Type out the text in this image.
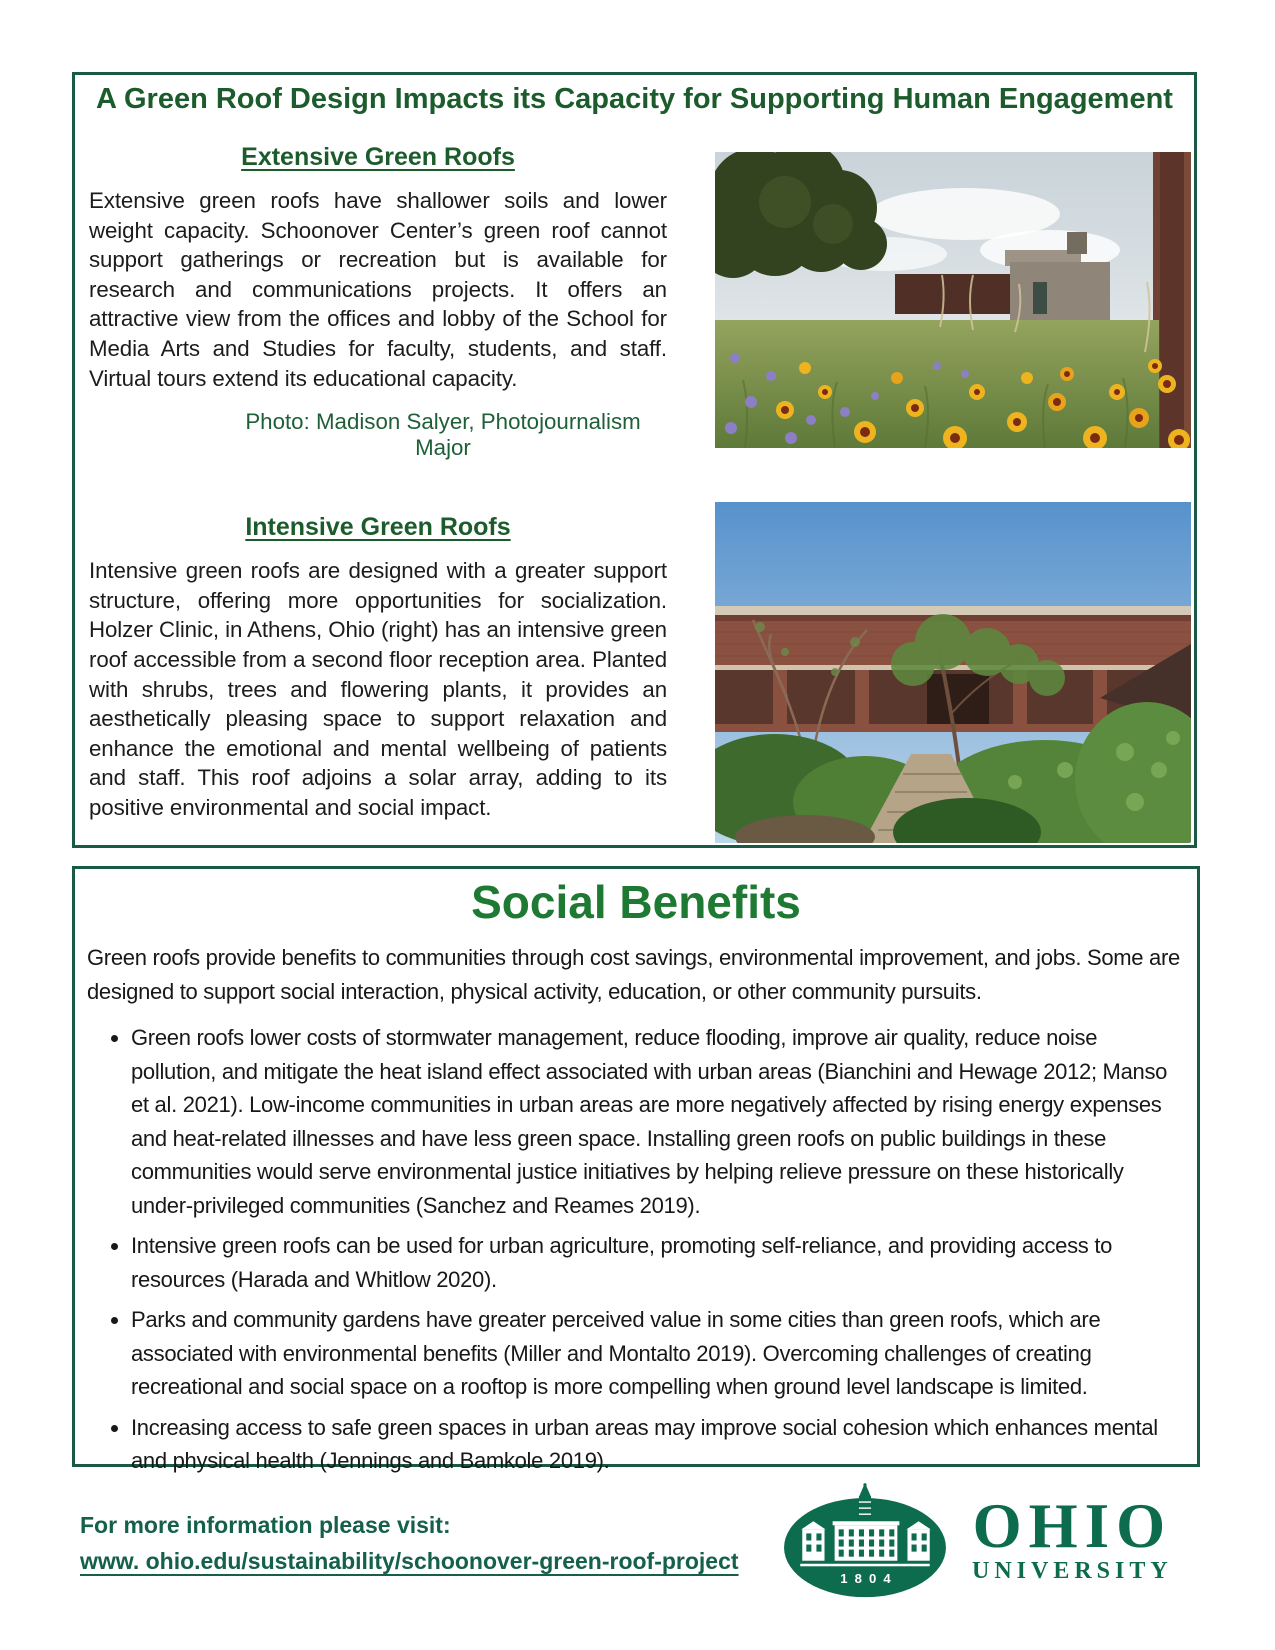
A Green Roof Design Impacts its Capacity for Supporting Human Engagement
Extensive Green Roofs

Extensive green roofs have shallower soils and lower weight capacity. Schoonover Center’s green roof cannot support gatherings or recreation but is available for research and communications projects. It offers an attractive view from the offices and lobby of the School for Media Arts and Studies for faculty, students, and staff. Virtual tours extend its educational capacity.

Photo: Madison Salyer, Photojournalism Major

Intensive Green Roofs

Intensive green roofs are designed with a greater support structure, offering more opportunities for socialization. Holzer Clinic, in Athens, Ohio (right) has an intensive green roof accessible from a second floor reception area. Planted with shrubs, trees and flowering plants, it provides an aesthetically pleasing space to support relaxation and enhance the emotional and mental wellbeing of patients and staff. This roof adjoins a solar array, adding to its positive environmental and social impact.

Social Benefits

Green roofs provide benefits to communities through cost savings, environmental improvement, and jobs. Some are designed to support social interaction, physical activity, education, or other community pursuits.

• Green roofs lower costs of stormwater management, reduce flooding, improve air quality, reduce noise pollution, and mitigate the heat island effect associated with urban areas (Bianchini and Hewage 2012; Manso et al. 2021). Low-income communities in urban areas are more negatively affected by rising energy expenses and heat-related illnesses and have less green space. Installing green roofs on public buildings in these communities would serve environmental justice initiatives by helping relieve pressure on these historically under-privileged communities (Sanchez and Reames 2019).
• Intensive green roofs can be used for urban agriculture, promoting self-reliance, and providing access to resources (Harada and Whitlow 2020).
• Parks and community gardens have greater perceived value in some cities than green roofs, which are associated with environmental benefits (Miller and Montalto 2019). Overcoming challenges of creating recreational and social space on a rooftop is more compelling when ground level landscape is limited.
• Increasing access to safe green spaces in urban areas may improve social cohesion which enhances mental and physical health (Jennings and Bamkole 2019).
For more information please visit:
www. ohio.edu/sustainability/schoonover-green-roof-project
1804
OHIO
UNIVERSITY
